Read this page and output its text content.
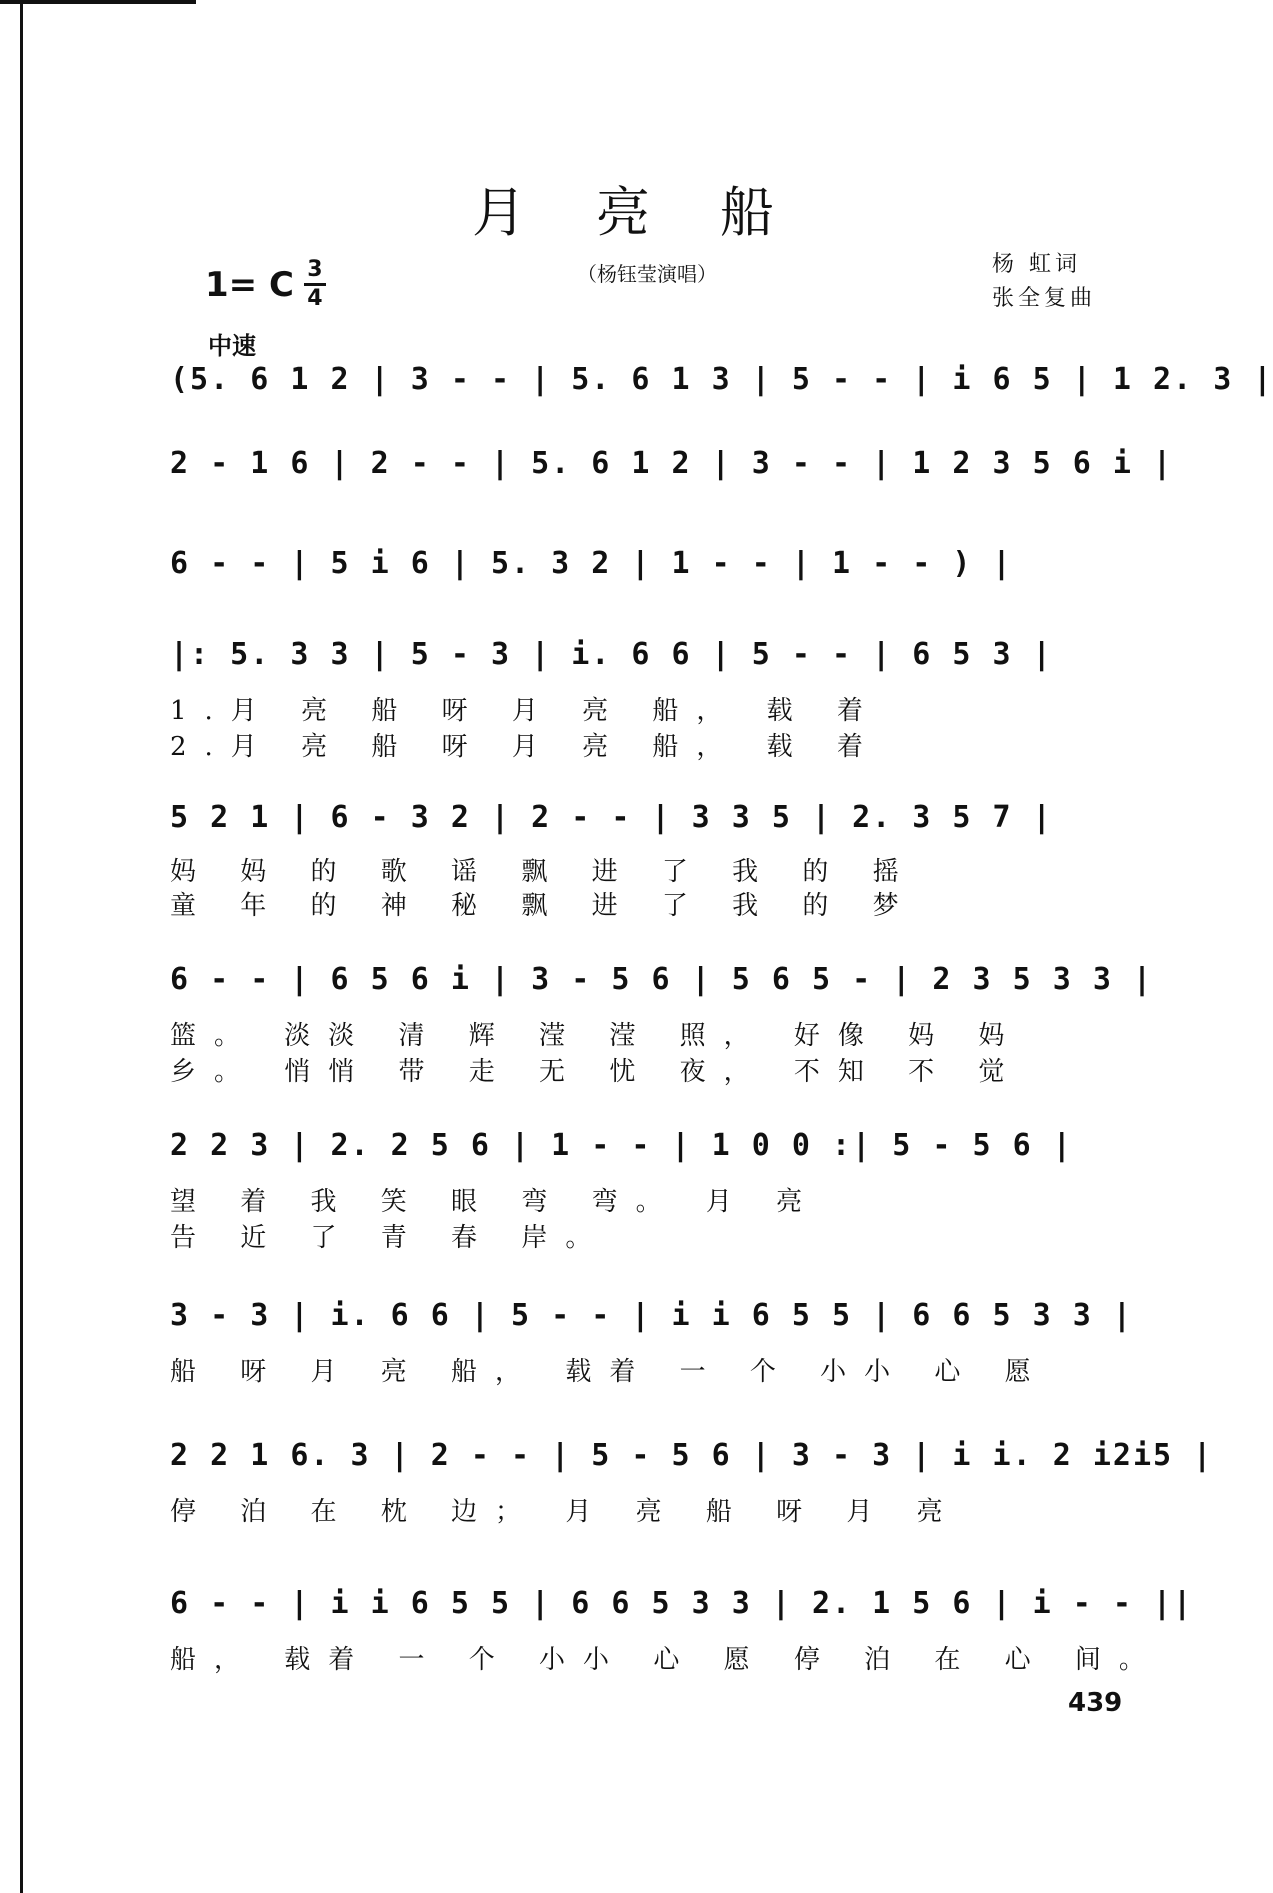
月亮船
1= C $\frac{3}{4}$	（杨钰莹演唱）	杨 虹词
张全复曲
中速
(5. 6 1 2 | 3 - - | 5. 6 1 3 | 5 - - | i 6 5 | 1 2. 3 |
2 - 1 6 | 2 - - | 5. 6 1 2 | 3 - - | 1 2 3 5 6 i |
6 - - | 5 i 6 | 5. 3 2 | 1 - - | 1 - - ) |
|: 5. 3 3 | 5 - 3 | i. 6 6 | 5 - - | 6 5 3 |
1.月 亮 船 呀 月 亮 船， 载 着
2.月 亮 船 呀 月 亮 船， 载 着
5 2 1 | 6 - 3 2 | 2 - - | 3 3 5 | 2. 3 5 7 |
妈 妈 的 歌 谣 飘 进 了 我 的 摇
童 年 的 神 秘 飘 进 了 我 的 梦
6 - - | 6 5 6 i | 3 - 5 6 | 5 6 5 - | 2 3 5 3 3 |
篮。 淡淡 清 辉 滢 滢 照， 好像 妈 妈
乡。 悄悄 带 走 无 忧 夜， 不知 不 觉
2 2 3 | 2. 2 5 6 | 1 - - | 1 0 0 :| 5 - 5 6 |
望 着 我 笑 眼 弯 弯。 月 亮
告 近 了 青 春 岸。
3 - 3 | i. 6 6 | 5 - - | i i 6 5 5 | 6 6 5 3 3 |
船 呀 月 亮 船， 载着 一 个 小小 心 愿
2 2 1 6. 3 | 2 - - | 5 - 5 6 | 3 - 3 | i i. 2 i2i5 |
停 泊 在 枕 边； 月 亮 船 呀 月 亮
6 - - | i i 6 5 5 | 6 6 5 3 3 | 2. 1 5 6 | i - - ||
船， 载着 一 个 小小 心 愿 停 泊 在 心 间。
439
